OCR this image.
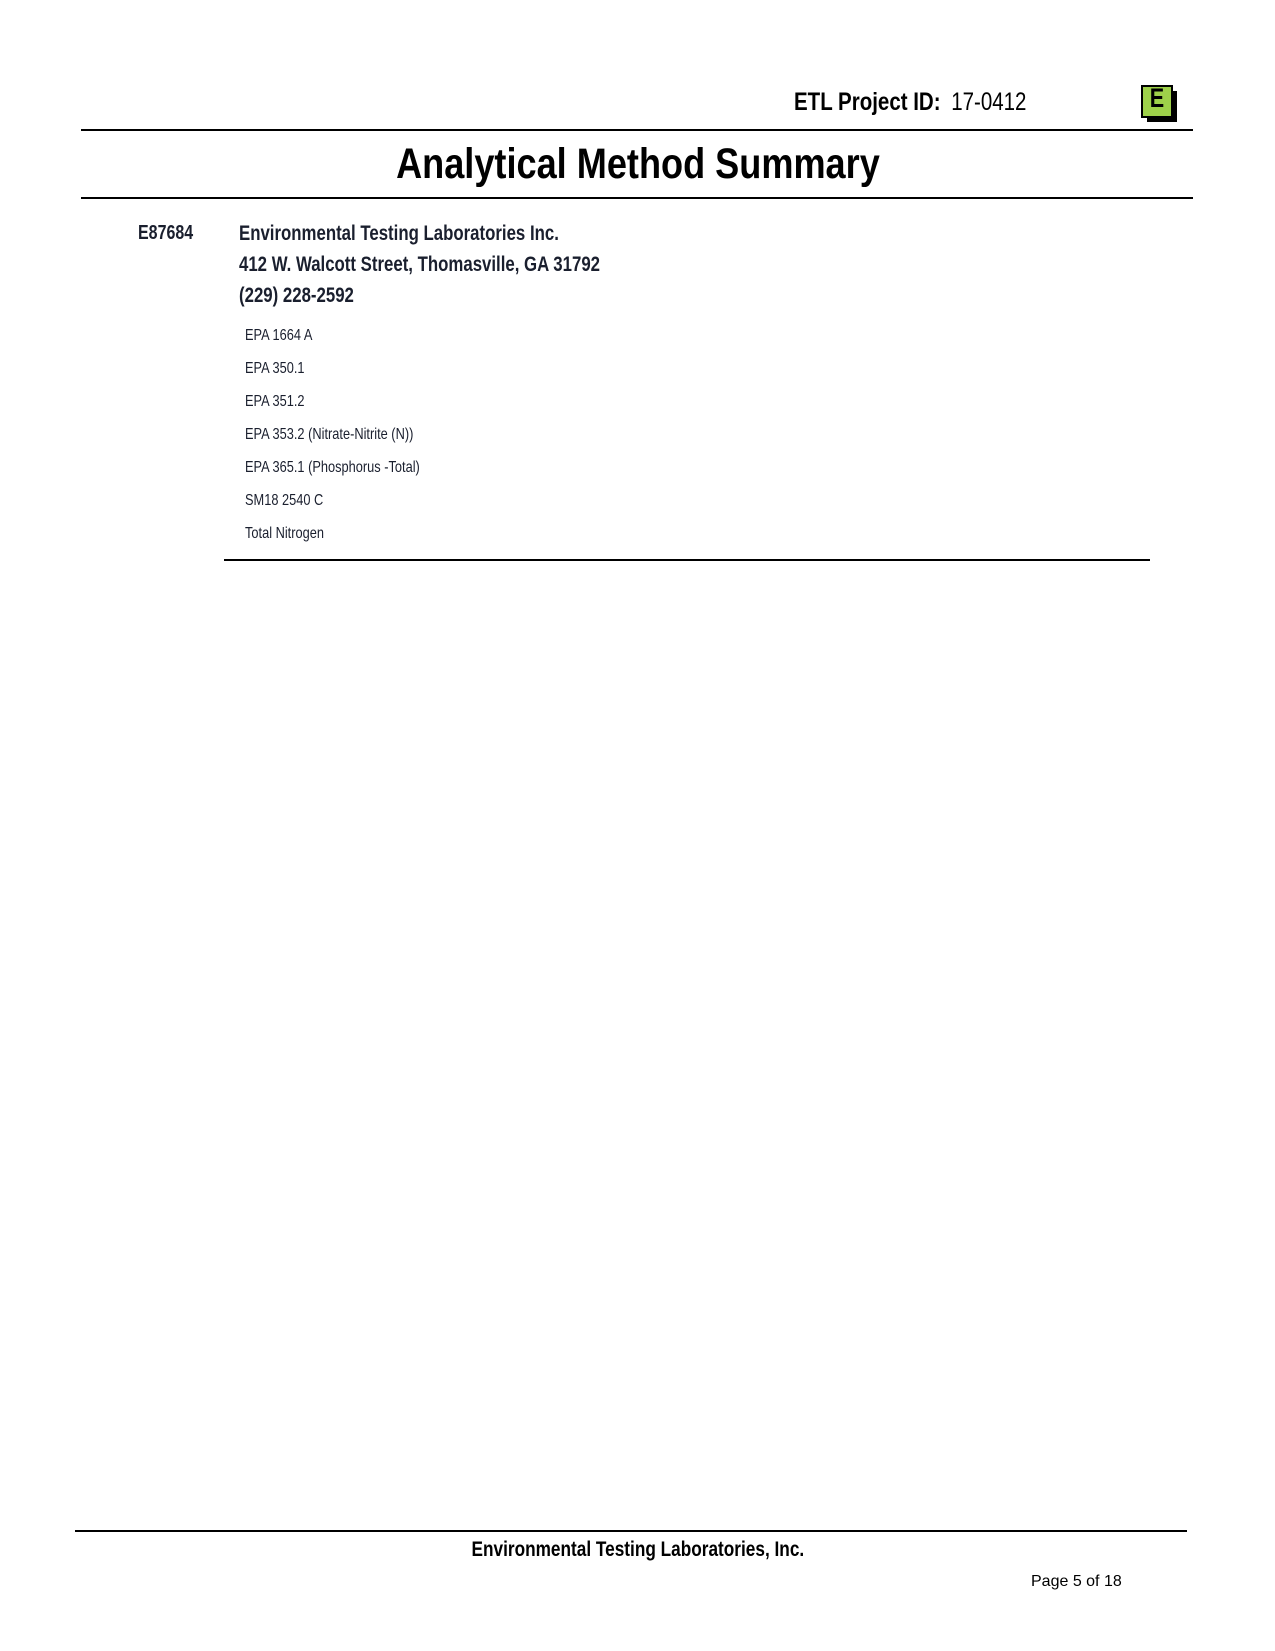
ETL Project ID: 17-0412	E
Analytical Method Summary
E87684 Environmental Testing Laboratories Inc.
412 W. Walcott Street, Thomasville, GA 31792
(229) 228-2592
EPA 1664 A
EPA 350.1
EPA 351.2
EPA 353.2 (Nitrate-Nitrite (N))
EPA 365.1 (Phosphorus -Total)
SM18 2540 C
Total Nitrogen
Environmental Testing Laboratories, Inc.
Page 5 of 18
